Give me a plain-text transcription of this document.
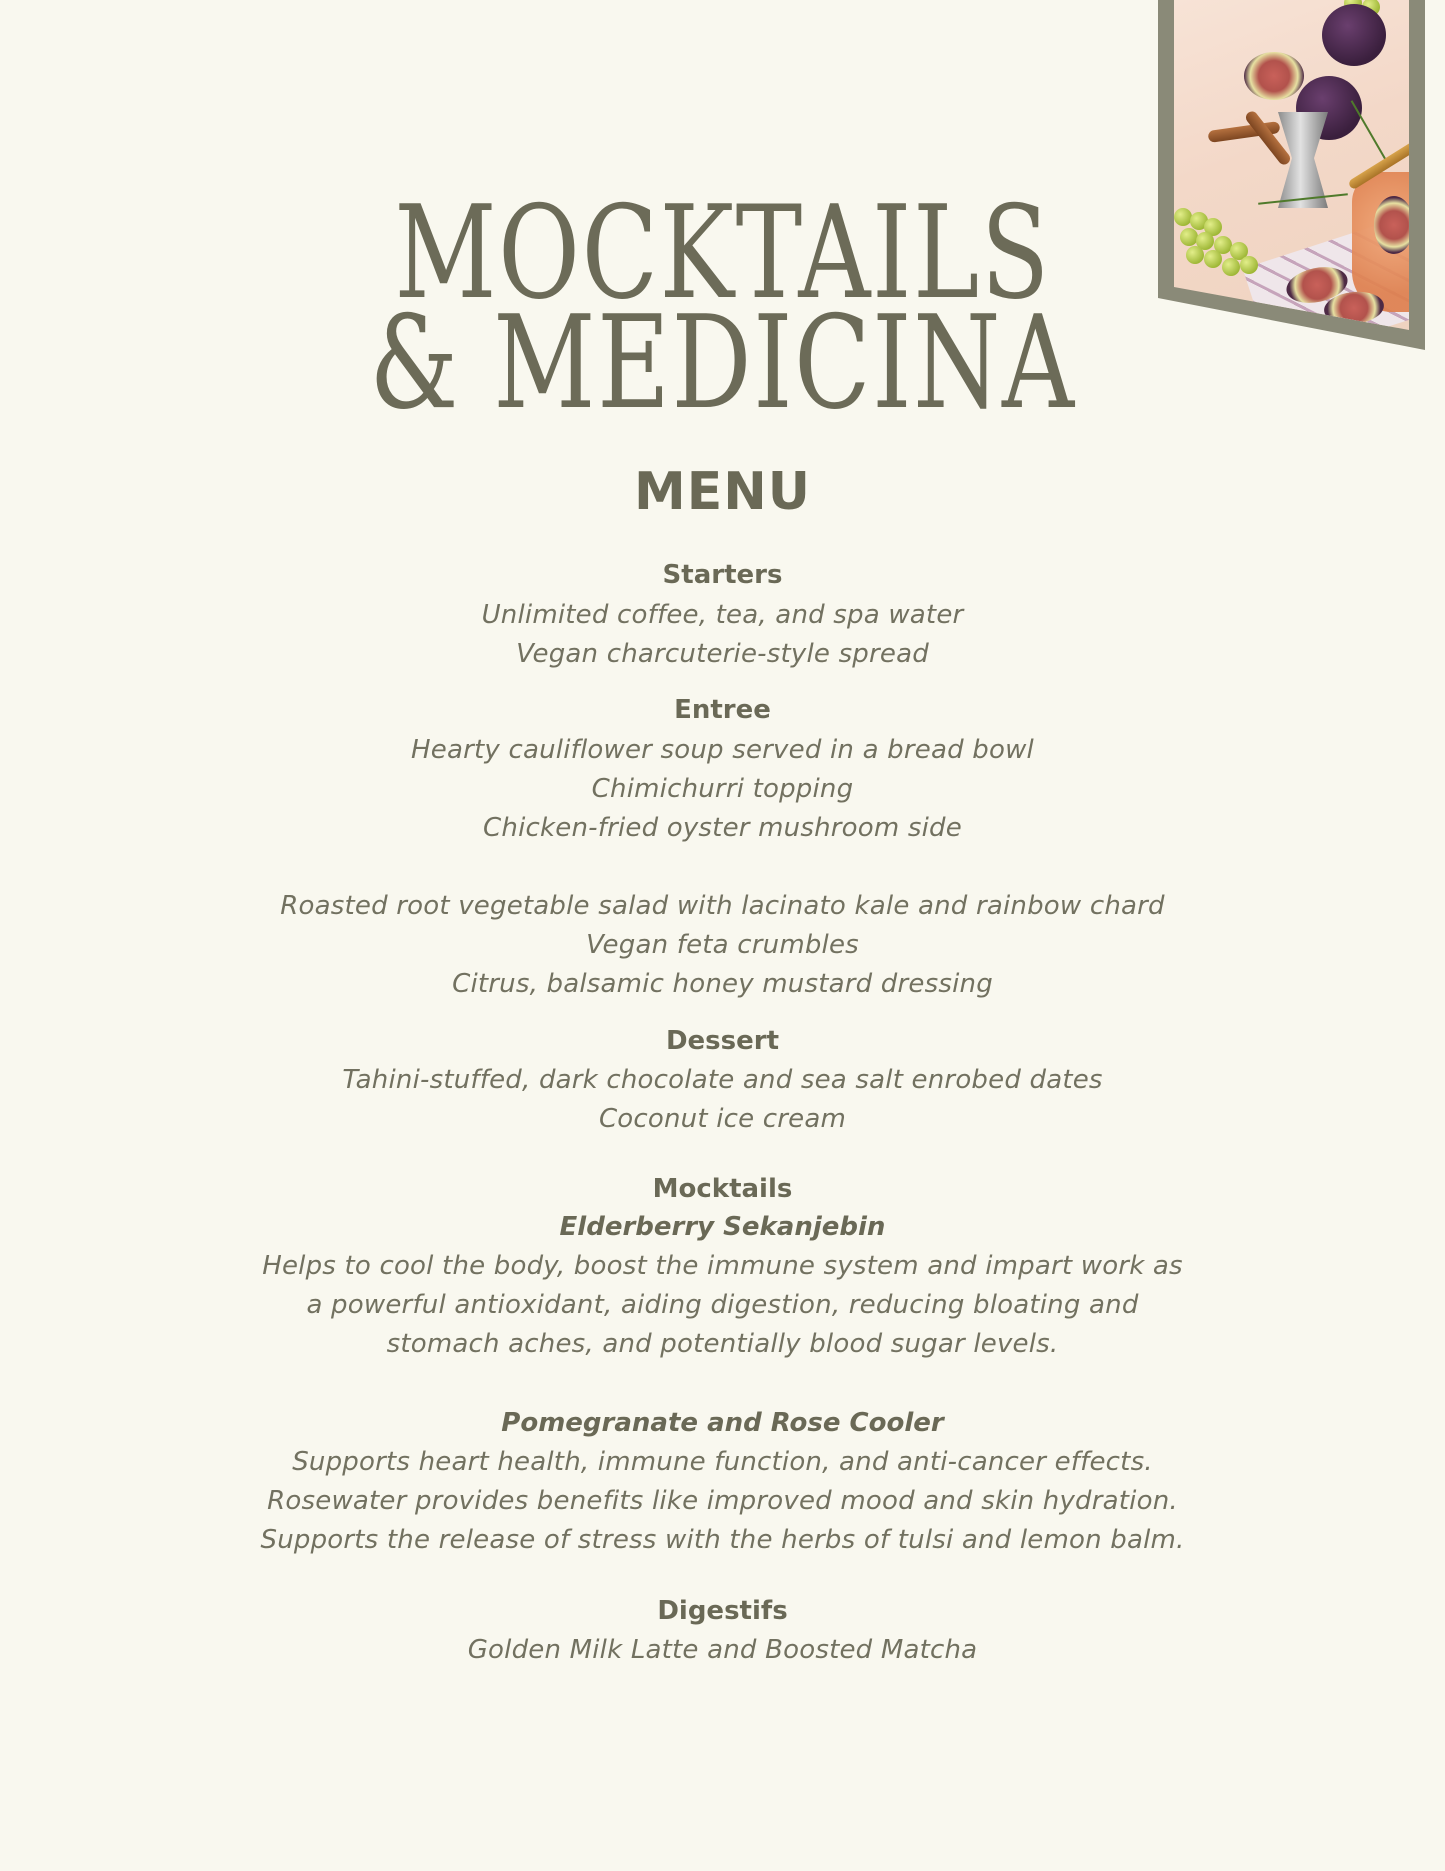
MOCKTAILS
& MEDICINA
MENU
Starters
Unlimited coffee, tea, and spa water
Vegan charcuterie-style spread
Entree
Hearty cauliflower soup served in a bread bowl
Chimichurri topping
Chicken-fried oyster mushroom side
Roasted root vegetable salad with lacinato kale and rainbow chard
Vegan feta crumbles
Citrus, balsamic honey mustard dressing
Dessert
Tahini-stuffed, dark chocolate and sea salt enrobed dates
Coconut ice cream
Mocktails
Elderberry Sekanjebin
Helps to cool the body, boost the immune system and impart work as
a powerful antioxidant, aiding digestion, reducing bloating and
stomach aches, and potentially blood sugar levels.
Pomegranate and Rose Cooler
Supports heart health, immune function, and anti-cancer effects.
Rosewater provides benefits like improved mood and skin hydration.
Supports the release of stress with the herbs of tulsi and lemon balm.
Digestifs
Golden Milk Latte and Boosted Matcha
